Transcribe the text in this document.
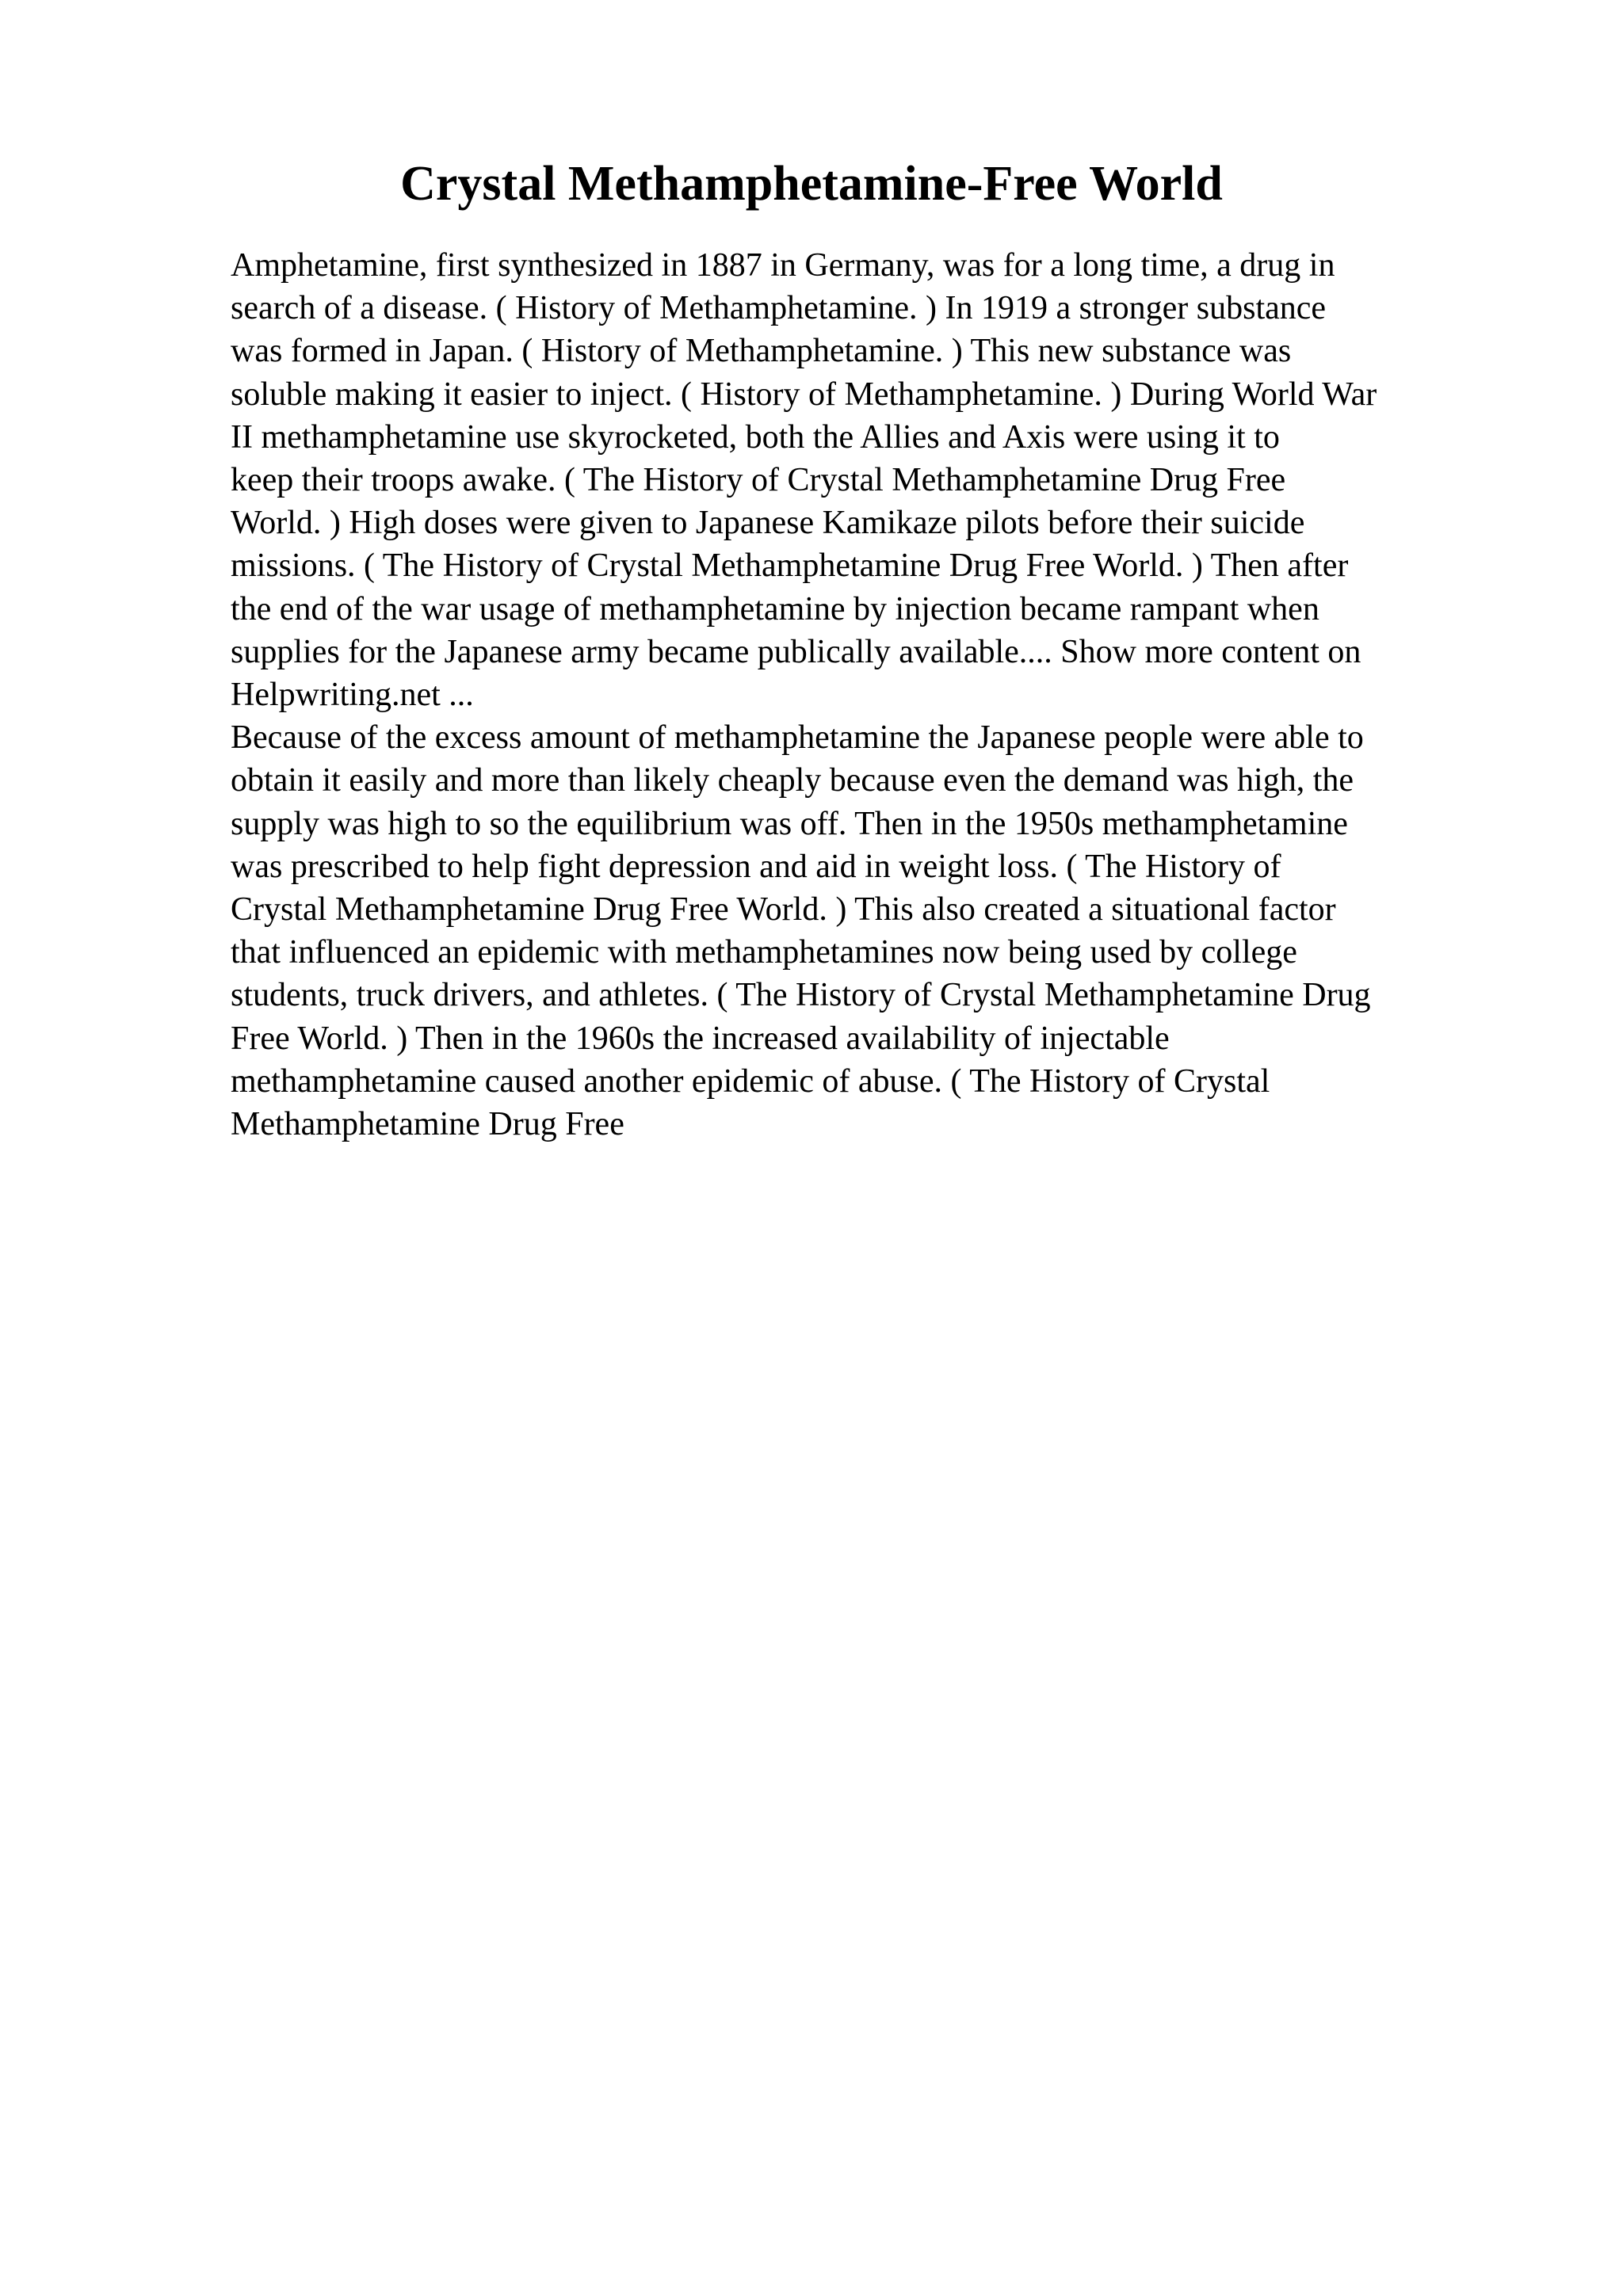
Crystal Methamphetamine-Free World

Amphetamine, first synthesized in 1887 in Germany, was for a long time, a drug in
search of a disease. ( History of Methamphetamine. ) In 1919 a stronger substance
was formed in Japan. ( History of Methamphetamine. ) This new substance was
soluble making it easier to inject. ( History of Methamphetamine. ) During World War
II methamphetamine use skyrocketed, both the Allies and Axis were using it to
keep their troops awake. ( The History of Crystal Methamphetamine Drug Free
World. ) High doses were given to Japanese Kamikaze pilots before their suicide
missions. ( The History of Crystal Methamphetamine Drug Free World. ) Then after
the end of the war usage of methamphetamine by injection became rampant when
supplies for the Japanese army became publically available.... Show more content on
Helpwriting.net ...

Because of the excess amount of methamphetamine the Japanese people were able to
obtain it easily and more than likely cheaply because even the demand was high, the
supply was high to so the equilibrium was off. Then in the 1950s methamphetamine
was prescribed to help fight depression and aid in weight loss. ( The History of
Crystal Methamphetamine Drug Free World. ) This also created a situational factor
that influenced an epidemic with methamphetamines now being used by college
students, truck drivers, and athletes. ( The History of Crystal Methamphetamine Drug
Free World. ) Then in the 1960s the increased availability of injectable
methamphetamine caused another epidemic of abuse. ( The History of Crystal
Methamphetamine Drug Free
